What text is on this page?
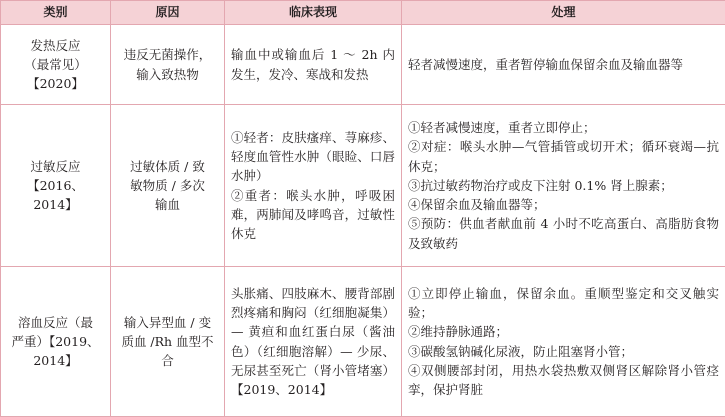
类别	原因	临床表现	处理

发热反应
（最常见）
【2020】	违反无菌操作，
输入致热物	输血中或输血后 1 ～ 2h 内发生，发冷、寒战和发热	轻者减慢速度，重者暂停输血保留余血及输血器等

过敏反应【2016、
2014】	过敏体质 / 致
敏物质 / 多次
输血	①轻者：皮肤瘙痒、荨麻疹、轻度血管性水肿（眼睑、口唇水肿）
②重者：喉头水肿，呼吸困难，两肺闻及哮鸣音，过敏性休克	①轻者减慢速度，重者立即停止；
②对症：喉头水肿—气管插管或切开术；循环衰竭—抗休克；
③抗过敏药物治疗或皮下注射 0.1% 肾上腺素；
④保留余血及输血器等；
⑤预防：供血者献血前 4 小时不吃高蛋白、高脂肪食物及致敏药

溶血反应（最
严重）【2019、
2014】	输入异型血 / 变
质血 /Rh 血型不
合	头胀痛、四肢麻木、腰背部剧烈疼痛和胸闷（红细胞凝集）— 黄疸和血红蛋白尿（酱油色）（红细胞溶解）— 少尿、无尿甚至死亡（肾小管堵塞）【2019、2014】	①立即停止输血，保留余血。重顺型鉴定和交叉触实验；
②维持静脉通路；
③碳酸氢钠碱化尿液，防止阻塞肾小管；
④双侧腰部封闭，用热水袋热敷双侧肾区解除肾小管痉挛，保护肾脏
